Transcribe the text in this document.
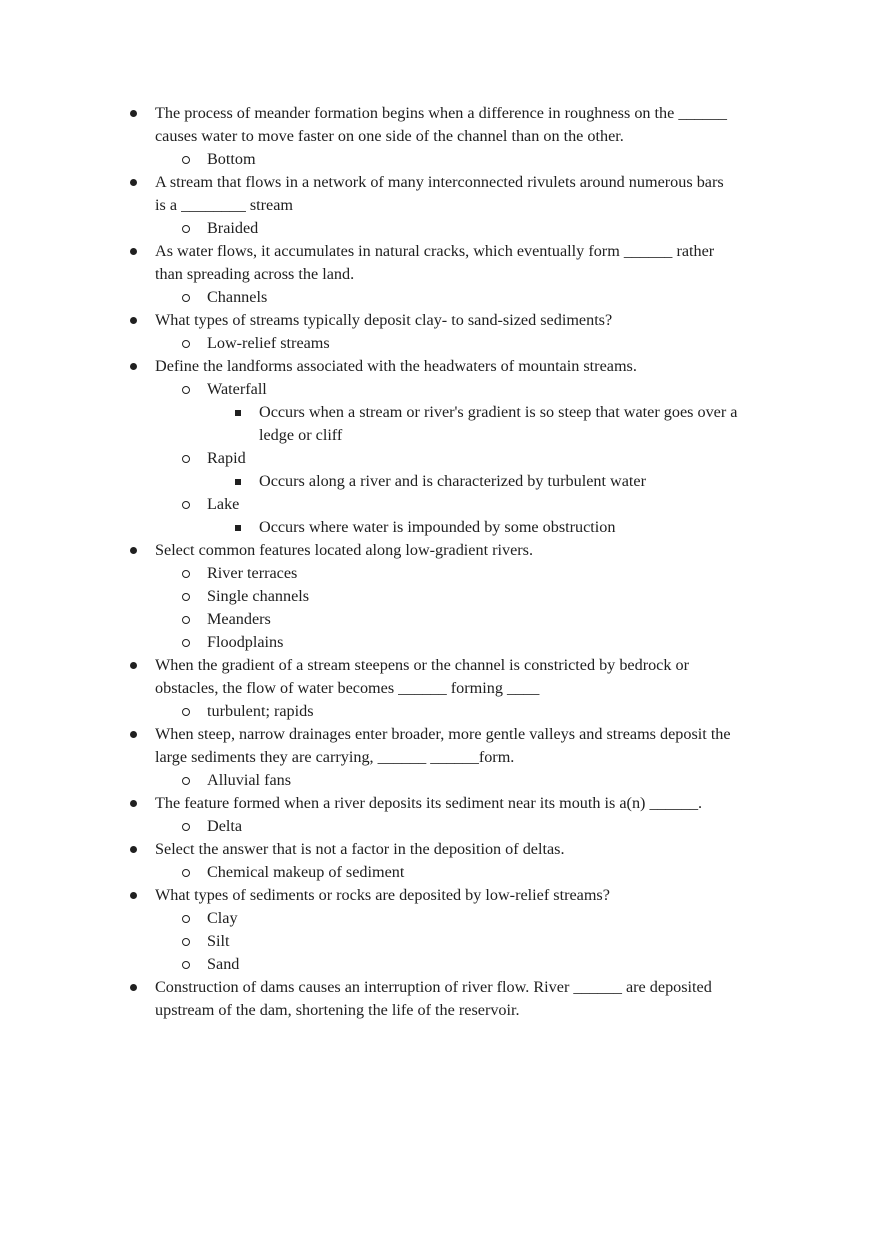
The process of meander formation begins when a difference in roughness on the ______
causes water to move faster on one side of the channel than on the other.
Bottom
A stream that flows in a network of many interconnected rivulets around numerous bars
is a ________ stream
Braided
As water flows, it accumulates in natural cracks, which eventually form ______ rather
than spreading across the land.
Channels
What types of streams typically deposit clay- to sand-sized sediments?
Low-relief streams
Define the landforms associated with the headwaters of mountain streams.
Waterfall
Occurs when a stream or river's gradient is so steep that water goes over a
ledge or cliff
Rapid
Occurs along a river and is characterized by turbulent water
Lake
Occurs where water is impounded by some obstruction
Select common features located along low-gradient rivers.
River terraces
Single channels
Meanders
Floodplains
When the gradient of a stream steepens or the channel is constricted by bedrock or
obstacles, the flow of water becomes ______ forming ____
turbulent; rapids
When steep, narrow drainages enter broader, more gentle valleys and streams deposit the
large sediments they are carrying, ______ ______form.
Alluvial fans
The feature formed when a river deposits its sediment near its mouth is a(n) ______.
Delta
Select the answer that is not a factor in the deposition of deltas.
Chemical makeup of sediment
What types of sediments or rocks are deposited by low-relief streams?
Clay
Silt
Sand
Construction of dams causes an interruption of river flow. River ______ are deposited
upstream of the dam, shortening the life of the reservoir.
